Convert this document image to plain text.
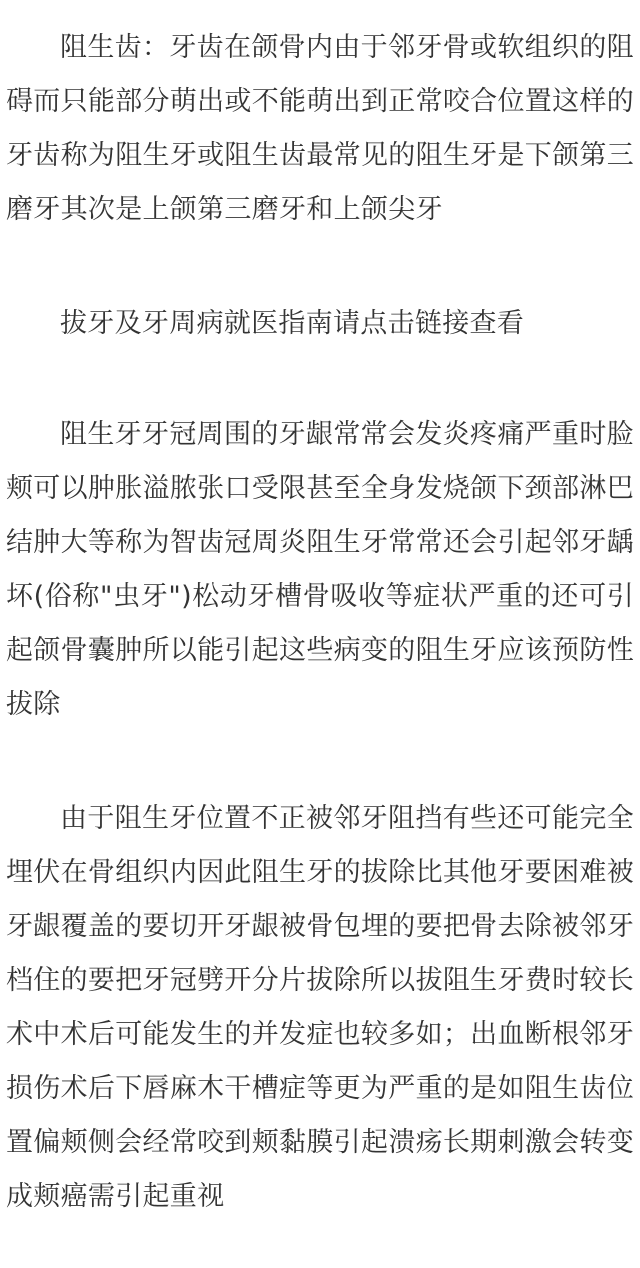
阻生齿：牙齿在颌骨内由于邻牙骨或软组织的阻碍而只能部分萌出或不能萌出到正常咬合位置这样的牙齿称为阻生牙或阻生齿最常见的阻生牙是下颌第三磨牙其次是上颌第三磨牙和上颌尖牙

拔牙及牙周病就医指南请点击链接查看

阻生牙牙冠周围的牙龈常常会发炎疼痛严重时脸颊可以肿胀溢脓张口受限甚至全身发烧颌下颈部淋巴结肿大等称为智齿冠周炎阻生牙常常还会引起邻牙龋坏(俗称"虫牙")松动牙槽骨吸收等症状严重的还可引起颌骨囊肿所以能引起这些病变的阻生牙应该预防性拔除

由于阻生牙位置不正被邻牙阻挡有些还可能完全埋伏在骨组织内因此阻生牙的拔除比其他牙要困难被牙龈覆盖的要切开牙龈被骨包埋的要把骨去除被邻牙档住的要把牙冠劈开分片拔除所以拔阻生牙费时较长术中术后可能发生的并发症也较多如；出血断根邻牙损伤术后下唇麻木干槽症等更为严重的是如阻生齿位置偏颊侧会经常咬到颊黏膜引起溃疡长期刺激会转变成颊癌需引起重视
